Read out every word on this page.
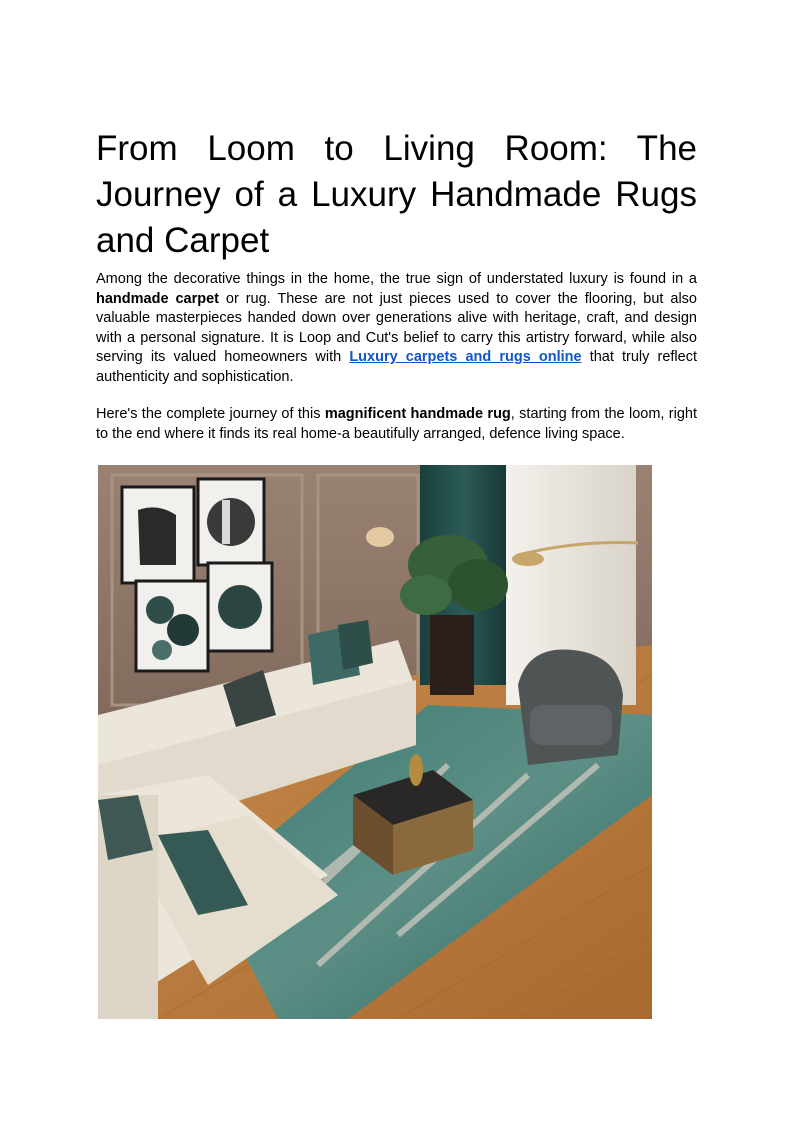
From Loom to Living Room: The Journey of a Luxury Handmade Rugs and Carpet

Among the decorative things in the home, the true sign of understated luxury is found in a handmade carpet or rug. These are not just pieces used to cover the flooring, but also valuable masterpieces handed down over generations alive with heritage, craft, and design with a personal signature. It is Loop and Cut's belief to carry this artistry forward, while also serving its valued homeowners with Luxury carpets and rugs online that truly reflect authenticity and sophistication.

Here's the complete journey of this magnificent handmade rug, starting from the loom, right to the end where it finds its real home-a beautifully arranged, defence living space.
